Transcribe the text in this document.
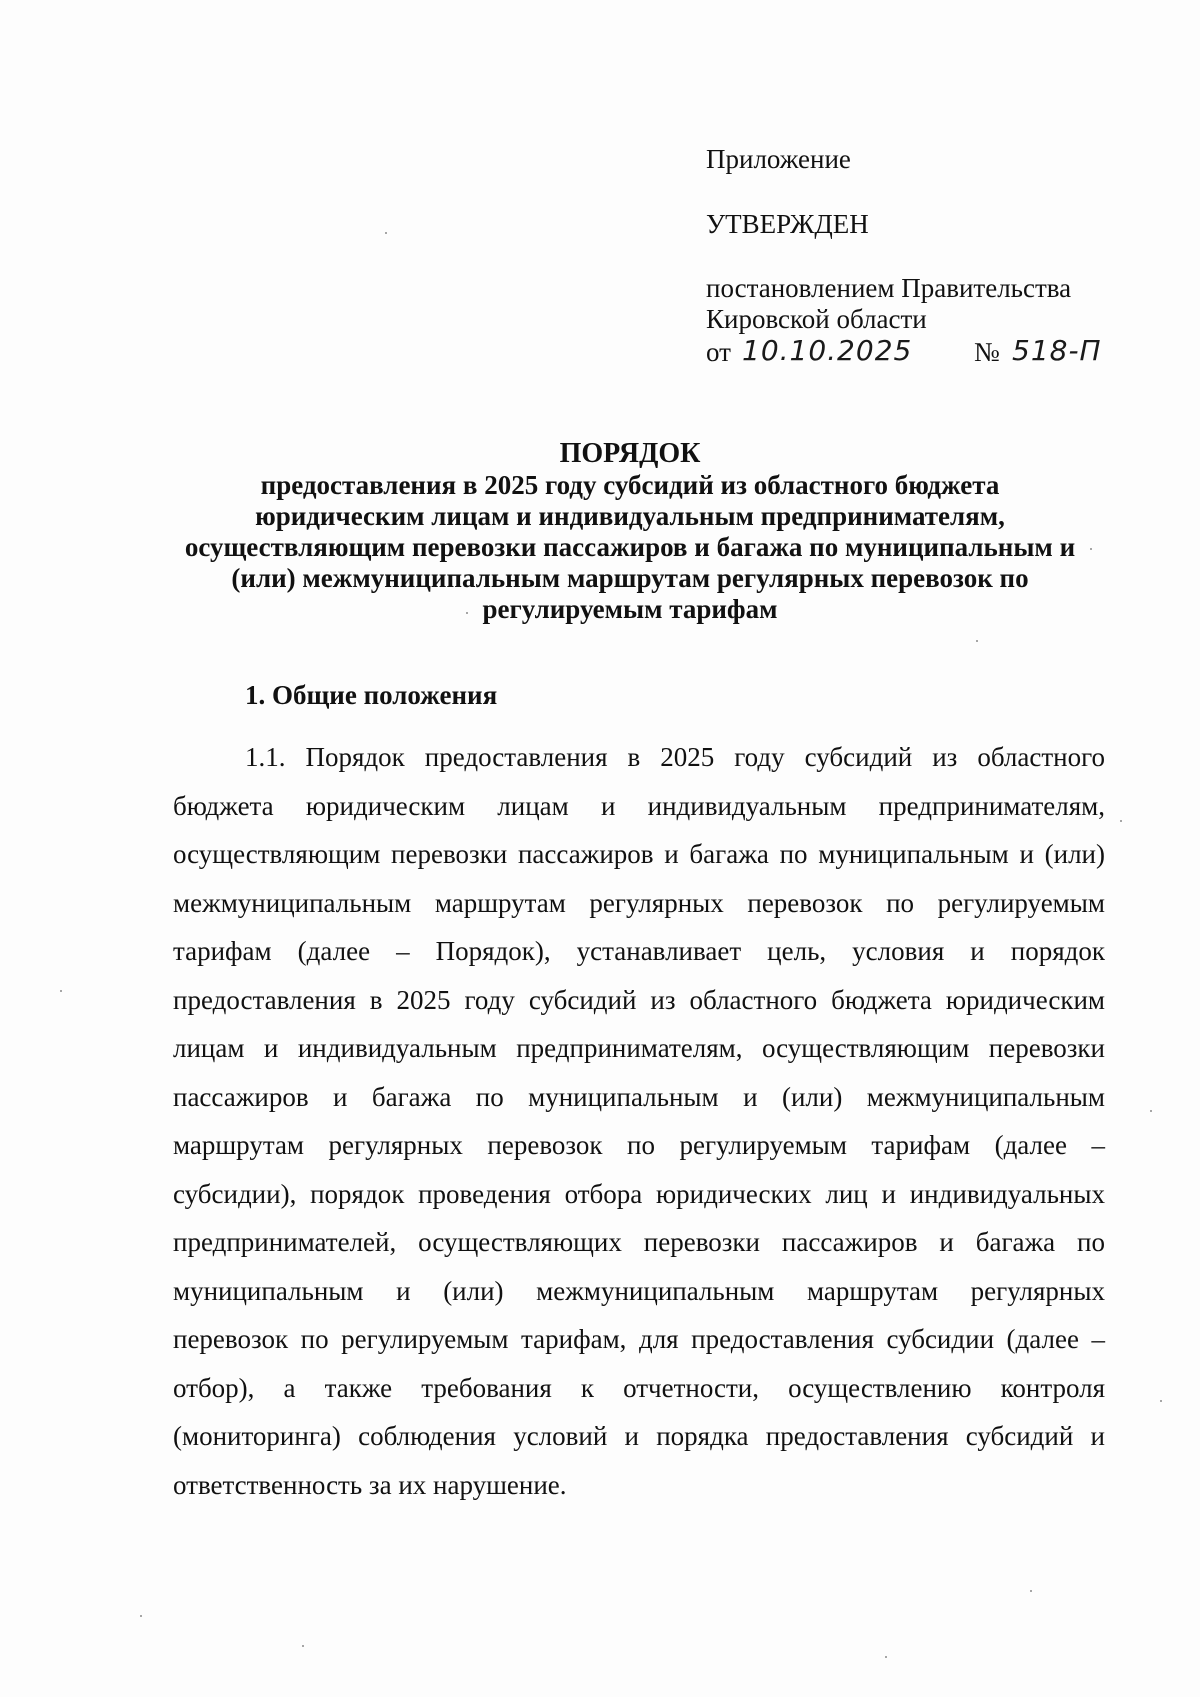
Приложение
УТВЕРЖДЕН
постановлением Правительства
Кировской области
от 10.10.2025 № 518-П
ПОРЯДОК
предоставления в 2025 году субсидий из областного бюджета
юридическим лицам и индивидуальным предпринимателям,
осуществляющим перевозки пассажиров и багажа по муниципальным и
(или) межмуниципальным маршрутам регулярных перевозок по
регулируемым тарифам
1. Общие положения
1.1. Порядок предоставления в 2025 году субсидий из областного
бюджета юридическим лицам и индивидуальным предпринимателям,
осуществляющим перевозки пассажиров и багажа по муниципальным и (или)
межмуниципальным маршрутам регулярных перевозок по регулируемым
тарифам (далее – Порядок), устанавливает цель, условия и порядок
предоставления в 2025 году субсидий из областного бюджета юридическим
лицам и индивидуальным предпринимателям, осуществляющим перевозки
пассажиров и багажа по муниципальным и (или) межмуниципальным
маршрутам регулярных перевозок по регулируемым тарифам (далее –
субсидии), порядок проведения отбора юридических лиц и индивидуальных
предпринимателей, осуществляющих перевозки пассажиров и багажа по
муниципальным и (или) межмуниципальным маршрутам регулярных
перевозок по регулируемым тарифам, для предоставления субсидии (далее –
отбор), а также требования к отчетности, осуществлению контроля
(мониторинга) соблюдения условий и порядка предоставления субсидий и
ответственность за их нарушение.
